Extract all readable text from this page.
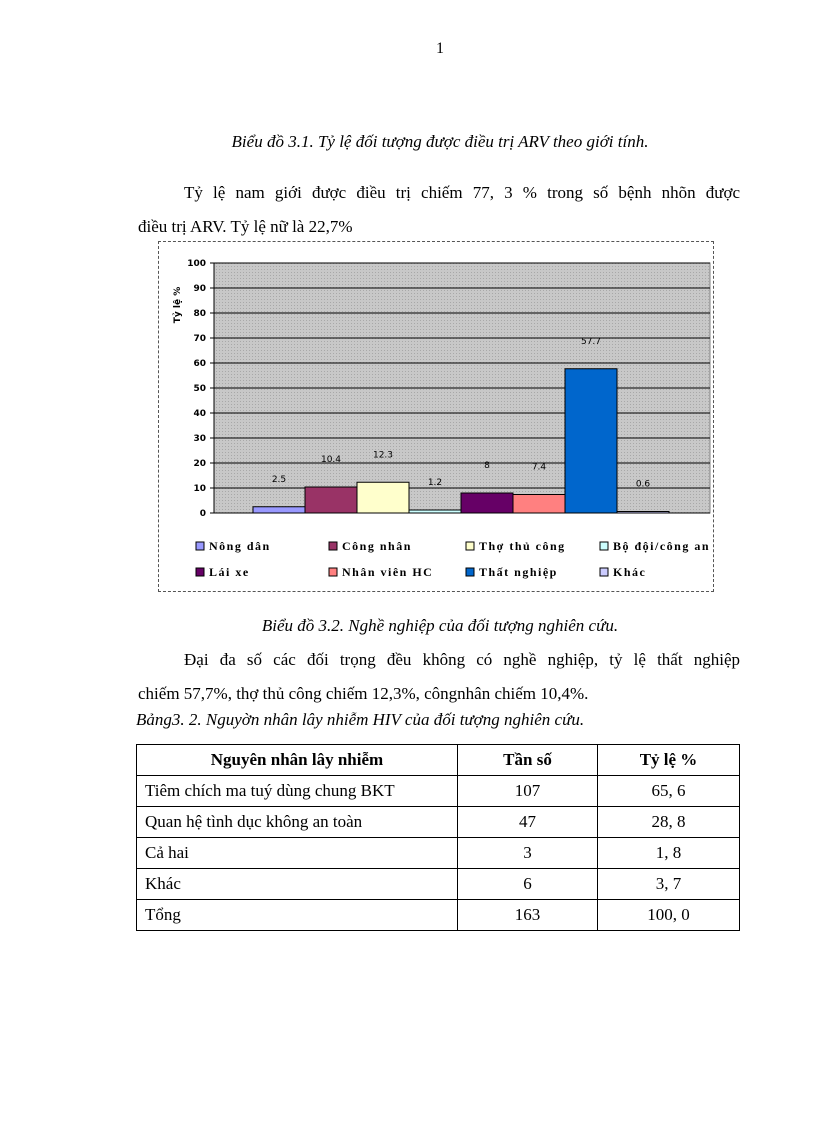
1
Biểu đồ 3.1. Tỷ lệ đối tượng được điều trị ARV theo giới tính.
Tỷ lệ nam giới được điều trị chiếm 77, 3 % trong số bệnh nhõn được
điều trị ARV. Tỷ lệ nữ là 22,7%
0
10
20
30
40
50
60
70
80
90
100
Tỷ lệ %
2.5
10.4	12.3
1.2
8	7.4
57.7
0.6
Nông dân	Công nhân	Thợ thủ công	Bộ đội/công an
Lái xe	Nhân viên HC	Thất nghiệp	Khác
Biểu đồ 3.2. Nghề nghiệp của đối tượng nghiên cứu.
Đại đa số các đối trọng đều không có nghề nghiệp, tỷ lệ thất nghiệp
chiếm 57,7%, thợ thủ công chiếm 12,3%, côngnhân chiếm 10,4%.
Bảng3. 2. Nguyờn nhân lây nhiễm HIV của đối tượng nghiên cứu.
Nguyên nhân lây nhiễm	Tần số	Tỷ lệ %
Tiêm chích ma tuý dùng chung BKT	107	65, 6
Quan hệ tình dục không an toàn	47	28, 8
Cả hai	3	1, 8
Khác	6	3, 7
Tổng	163	100, 0
